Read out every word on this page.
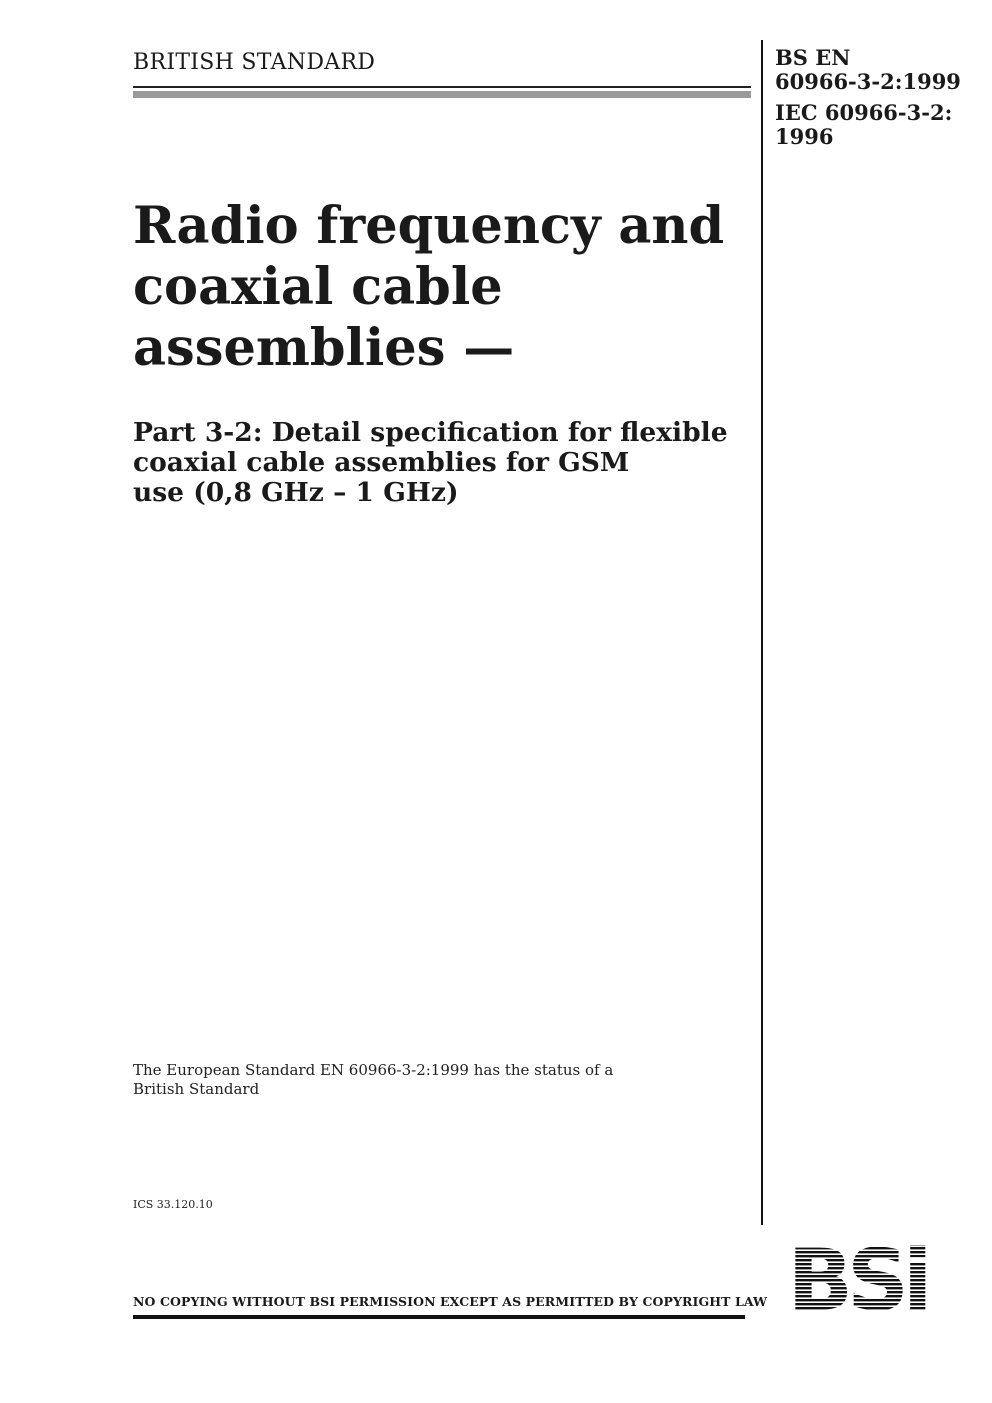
BRITISH STANDARD	BS EN
60966-3-2:1999
IEC 60966-3-2:
1996
Radio frequency and
coaxial cable
assemblies —
Part 3-2: Detail specification for flexible
coaxial cable assemblies for GSM
use (0,8 GHz – 1 GHz)
The European Standard EN 60966-3-2:1999 has the status of a
British Standard
ICS 33.120.10
NO COPYING WITHOUT BSI PERMISSION EXCEPT AS PERMITTED BY COPYRIGHT LAW
